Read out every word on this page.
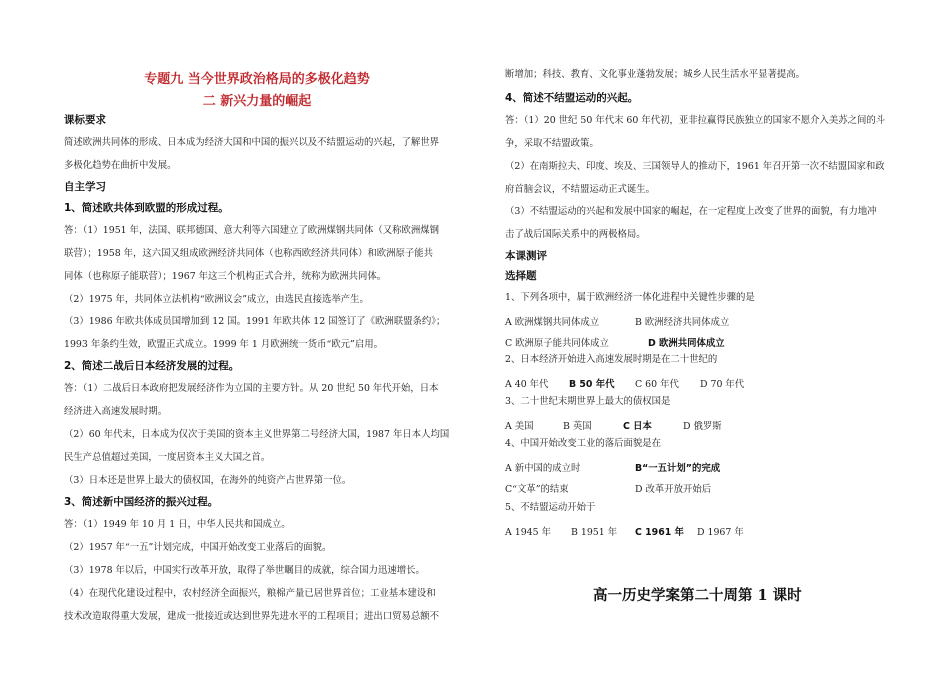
专题九 当今世界政治格局的多极化趋势
二 新兴力量的崛起
课标要求
简述欧洲共同体的形成、日本成为经济大国和中国的振兴以及不结盟运动的兴起，了解世界
多极化趋势在曲折中发展。
自主学习
1、简述欧共体到欧盟的形成过程。
答：（1）1951 年，法国、联邦德国、意大利等六国建立了欧洲煤钢共同体（又称欧洲煤钢
联营）；1958 年，这六国又组成欧洲经济共同体（也称西欧经济共同体）和欧洲原子能共
同体（也称原子能联营）；1967 年这三个机构正式合并，统称为欧洲共同体。
（2）1975 年，共同体立法机构“欧洲议会”成立，由选民直接选举产生。
（3）1986 年欧共体成员国增加到 12 国。1991 年欧共体 12 国签订了《欧洲联盟条约》；
1993 年条约生效，欧盟正式成立。1999 年 1 月欧洲统一货币“欧元”启用。
2、简述二战后日本经济发展的过程。
答：（1）二战后日本政府把发展经济作为立国的主要方针。从 20 世纪 50 年代开始，日本
经济进入高速发展时期。
（2）60 年代末，日本成为仅次于美国的资本主义世界第二号经济大国，1987 年日本人均国
民生产总值超过美国，一度居资本主义大国之首。
（3）日本还是世界上最大的债权国，在海外的纯资产占世界第一位。
3、简述新中国经济的振兴过程。
答：（1）1949 年 10 月 1 日，中华人民共和国成立。
（2）1957 年“一五”计划完成，中国开始改变工业落后的面貌。
（3）1978 年以后，中国实行改革开放，取得了举世瞩目的成就，综合国力迅速增长。
（4）在现代化建设过程中，农村经济全面振兴，粮棉产量已居世界首位；工业基本建设和
技术改造取得重大发展，建成一批接近或达到世界先进水平的工程项目；进出口贸易总额不
断增加；科技、教育、文化事业蓬勃发展；城乡人民生活水平显著提高。
4、简述不结盟运动的兴起。
答：（1）20 世纪 50 年代末 60 年代初，亚非拉赢得民族独立的国家不愿介入美苏之间的斗
争，采取不结盟政策。
（2）在南斯拉夫、印度、埃及、三国领导人的推动下，1961 年召开第一次不结盟国家和政
府首脑会议，不结盟运动正式诞生。
（3）不结盟运动的兴起和发展中国家的崛起，在一定程度上改变了世界的面貌，有力地冲
击了战后国际关系中的两极格局。
本课测评
选择题
1、下列各项中，属于欧洲经济一体化进程中关键性步骤的是
A 欧洲煤钢共同体成立	B 欧洲经济共同体成立
C 欧洲原子能共同体成立	D 欧洲共同体成立
2、日本经济开始进入高速发展时期是在二十世纪的
A 40 年代 B 50 年代 C 60 年代 D 70 年代
3、二十世纪末期世界上最大的债权国是
A 美国	B 英国	C 日本	D 俄罗斯
4、中国开始改变工业的落后面貌是在
A 新中国的成立时	B“一五计划”的完成
C“文革”的结束	D 改革开放开始后
5、不结盟运动开始于
A 1945 年 B 1951 年 C 1961 年 D 1967 年
高一历史学案第二十周第 1 课时
